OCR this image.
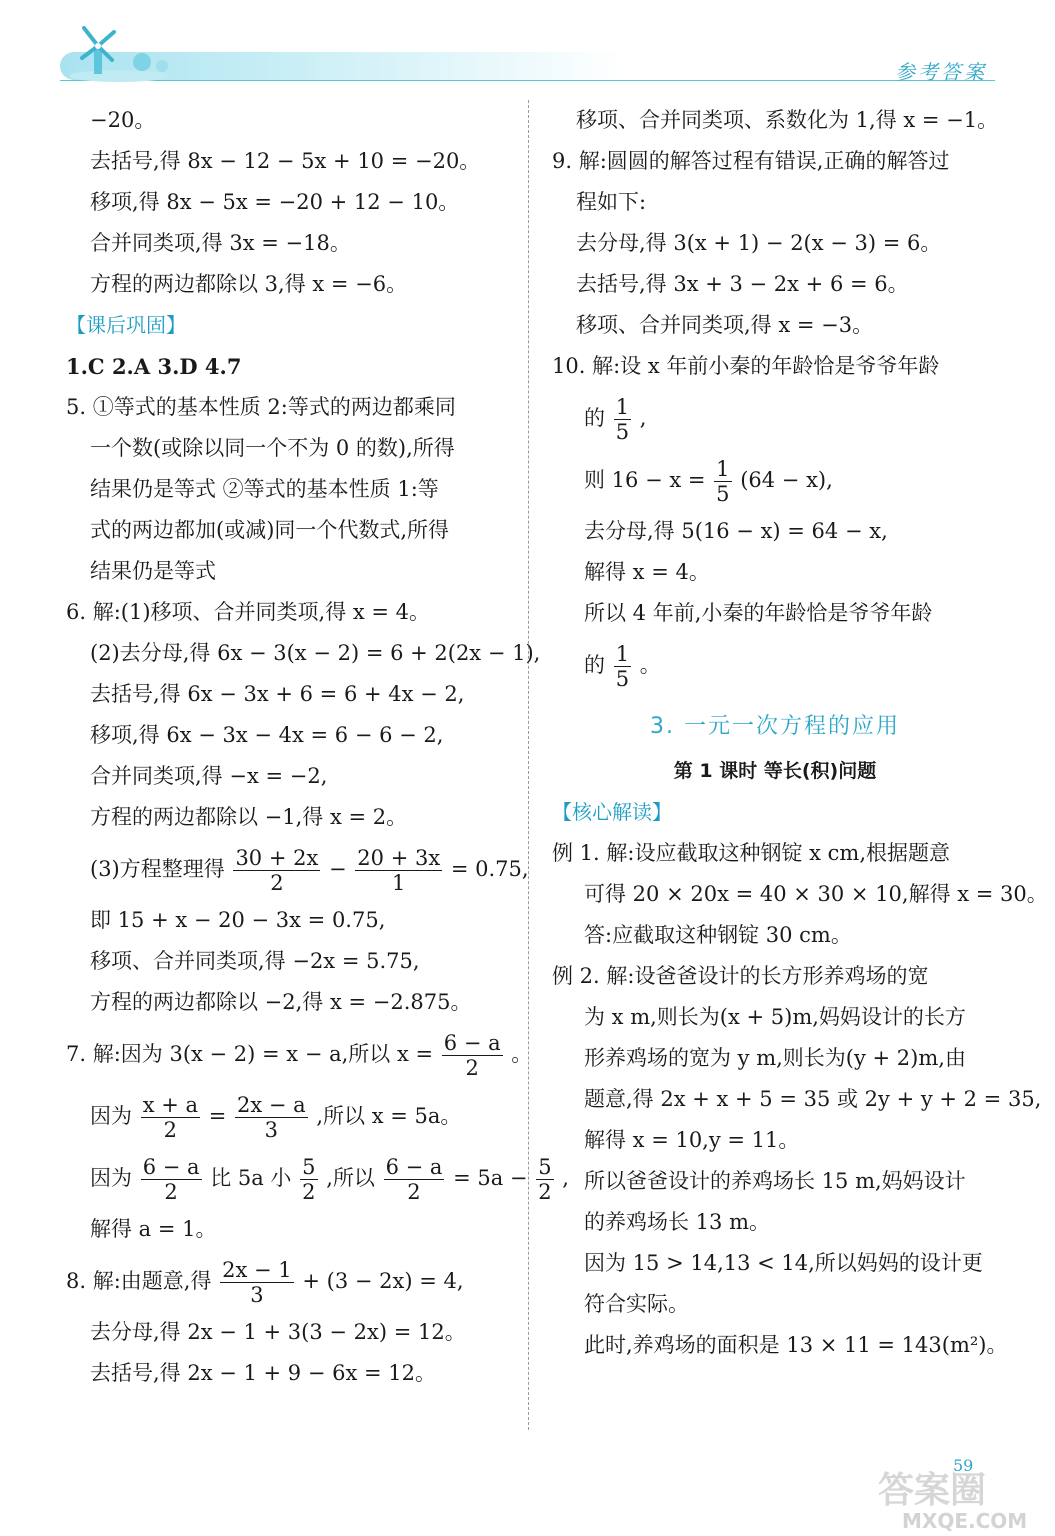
参考答案
−20。
去括号,得 8x − 12 − 5x + 10 = −20。
移项,得 8x − 5x = −20 + 12 − 10。
合并同类项,得 3x = −18。
方程的两边都除以 3,得 x = −6。
【课后巩固】
1.C 2.A 3.D 4.7
5. ①等式的基本性质 2:等式的两边都乘同
一个数(或除以同一个不为 0 的数),所得
结果仍是等式 ②等式的基本性质 1:等
式的两边都加(或减)同一个代数式,所得
结果仍是等式
6. 解:(1)移项、合并同类项,得 x = 4。
(2)去分母,得 6x − 3(x − 2) = 6 + 2(2x − 1),
去括号,得 6x − 3x + 6 = 6 + 4x − 2,
移项,得 6x − 3x − 4x = 6 − 6 − 2,
合并同类项,得 −x = −2,
方程的两边都除以 −1,得 x = 2。
(3)方程整理得 $\frac{30 + 2x}{2} - \frac{20 + 3x}{1} = 0.75$,
即 15 + x − 20 − 3x = 0.75,
移项、合并同类项,得 −2x = 5.75,
方程的两边都除以 −2,得 x = −2.875。
7. 解:因为 3(x − 2) = x − a,所以 $x = \frac{6 - a}{2}$ 。
因为 $\frac{x + a}{2} = \frac{2x - a}{3}$ ,所以 x = 5a。
因为 $\frac{6 - a}{2}$ 比 5a 小 $\frac{5}{2}$ ,所以 $\frac{6 - a}{2} = 5a - \frac{5}{2}$ ,
解得 a = 1。
8. 解:由题意,得 $\frac{2x - 1}{3} + (3 - 2x) = 4$,
去分母,得 2x − 1 + 3(3 − 2x) = 12。
去括号,得 2x − 1 + 9 − 6x = 12。
移项、合并同类项、系数化为 1,得 x = −1。
9. 解:圆圆的解答过程有错误,正确的解答过
程如下:
去分母,得 3(x + 1) − 2(x − 3) = 6。
去括号,得 3x + 3 − 2x + 6 = 6。
移项、合并同类项,得 x = −3。
10. 解:设 x 年前小秦的年龄恰是爷爷年龄
的 $\frac{1}{5}$ ,
则 $16 - x = \frac{1}{5} (64 - x)$,
去分母,得 5(16 − x) = 64 − x,
解得 x = 4。
所以 4 年前,小秦的年龄恰是爷爷年龄
的 $\frac{1}{5}$ 。
3. 一元一次方程的应用
第 1 课时 等长(积)问题
【核心解读】
例 1. 解:设应截取这种钢锭 x cm,根据题意
可得 20 × 20x = 40 × 30 × 10,解得 x = 30。
答:应截取这种钢锭 30 cm。
例 2. 解:设爸爸设计的长方形养鸡场的宽
为 x m,则长为(x + 5)m,妈妈设计的长方
形养鸡场的宽为 y m,则长为(y + 2)m,由
题意,得 2x + x + 5 = 35 或 2y + y + 2 = 35,
解得 x = 10,y = 11。
所以爸爸设计的养鸡场长 15 m,妈妈设计
的养鸡场长 13 m。
因为 15 > 14,13 < 14,所以妈妈的设计更
符合实际。
此时,养鸡场的面积是 13 × 11 = 143(m²)。
59
答案圈
MXQE.COM
